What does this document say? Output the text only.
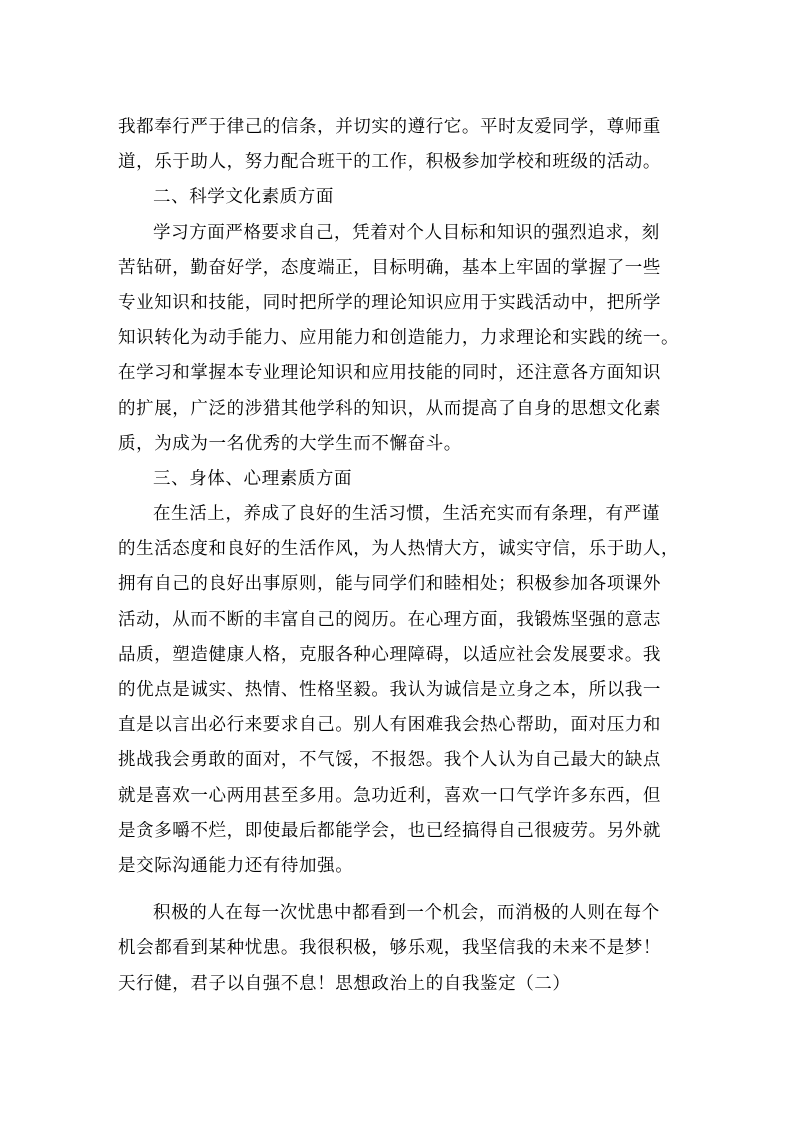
我都奉行严于律己的信条，并切实的遵行它。平时友爱同学，尊师重
道，乐于助人，努力配合班干的工作，积极参加学校和班级的活动。
二、科学文化素质方面
学习方面严格要求自己，凭着对个人目标和知识的强烈追求，刻
苦钻研，勤奋好学，态度端正，目标明确，基本上牢固的掌握了一些
专业知识和技能，同时把所学的理论知识应用于实践活动中，把所学
知识转化为动手能力、应用能力和创造能力，力求理论和实践的统一。
在学习和掌握本专业理论知识和应用技能的同时，还注意各方面知识
的扩展，广泛的涉猎其他学科的知识，从而提高了自身的思想文化素
质，为成为一名优秀的大学生而不懈奋斗。
三、身体、心理素质方面
在生活上，养成了良好的生活习惯，生活充实而有条理，有严谨
的生活态度和良好的生活作风，为人热情大方，诚实守信，乐于助人，
拥有自己的良好出事原则，能与同学们和睦相处；积极参加各项课外
活动，从而不断的丰富自己的阅历。在心理方面，我锻炼坚强的意志
品质，塑造健康人格，克服各种心理障碍，以适应社会发展要求。我
的优点是诚实、热情、性格坚毅。我认为诚信是立身之本，所以我一
直是以言出必行来要求自己。别人有困难我会热心帮助，面对压力和
挑战我会勇敢的面对，不气馁，不报怨。我个人认为自己最大的缺点
就是喜欢一心两用甚至多用。急功近利，喜欢一口气学许多东西，但
是贪多嚼不烂，即使最后都能学会，也已经搞得自己很疲劳。另外就
是交际沟通能力还有待加强。
积极的人在每一次忧患中都看到一个机会，而消极的人则在每个
机会都看到某种忧患。我很积极，够乐观，我坚信我的未来不是梦！
天行健，君子以自强不息！思想政治上的自我鉴定（二）
